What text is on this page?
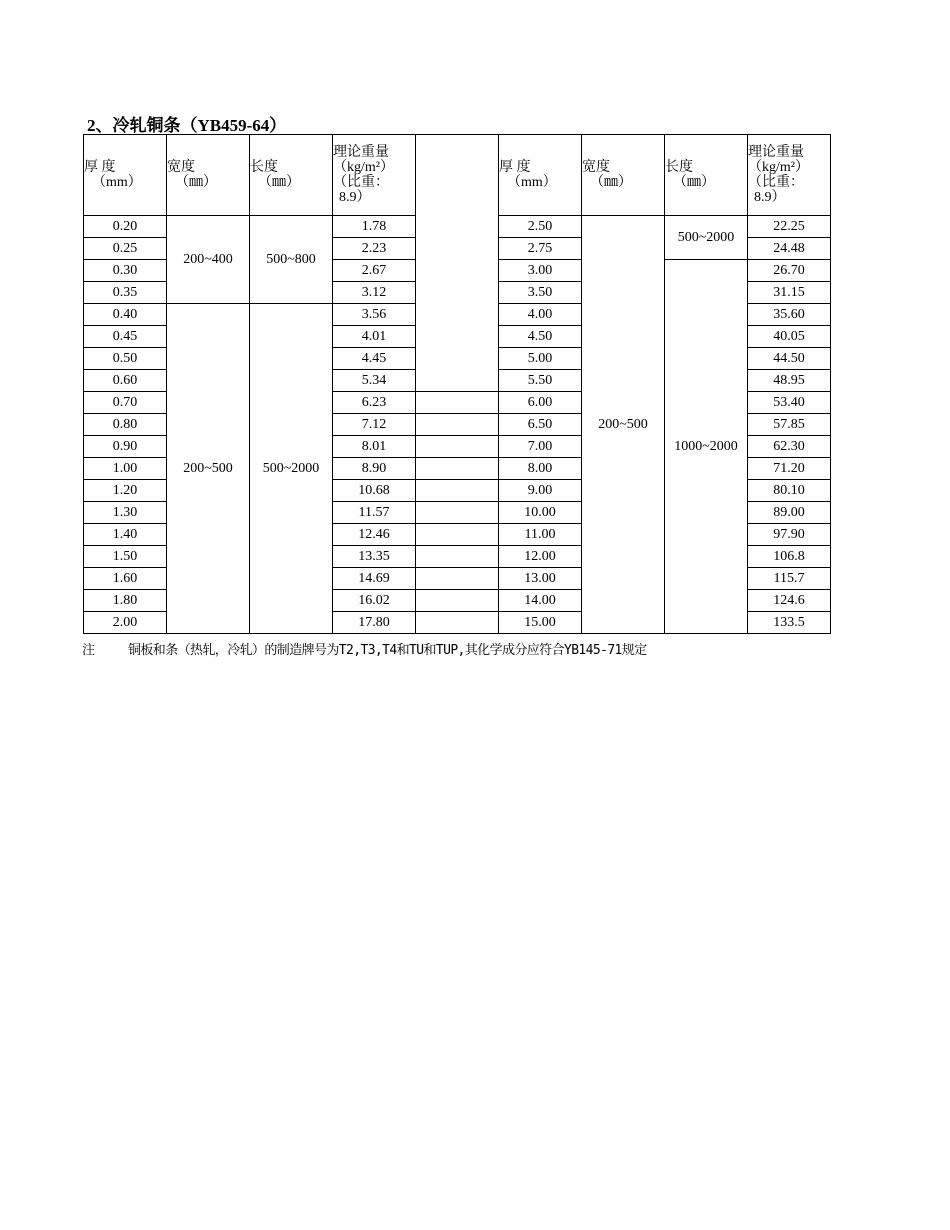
2、冷轧铜条（YB459-64）
厚 度
（mm）	宽度
（㎜）	长度
（㎜）	理论重量
（kg/m²）
（比重：
8.9）		厚 度
（mm）	宽度
（㎜）	长度
（㎜）	理论重量
（kg/m²）
（比重：
8.9）

0.20	200~400	500~800	1.78		2.50	200~500	500~2000	22.25
0.25			2.23		2.75			24.48
0.30			2.67		3.00		1000~2000	26.70
0.35			3.12		3.50			31.15
0.40	200~500	500~2000	3.56		4.00			35.60
0.45			4.01		4.50			40.05
0.50			4.45		5.00			44.50
0.60			5.34		5.50			48.95
0.70			6.23		6.00			53.40
0.80			7.12		6.50			57.85
0.90			8.01		7.00			62.30
1.00			8.90		8.00			71.20
1.20			10.68		9.00			80.10
1.30			11.57		10.00			89.00
1.40			12.46		11.00			97.90
1.50			13.35		12.00			106.8
1.60			14.69		13.00			115.7
1.80			16.02		14.00			124.6
2.00			17.80		15.00			133.5
注	铜板和条（热轧，冷轧）的制造牌号为T2,T3,T4和TU和TUP,其化学成分应符合YB145-71规定
